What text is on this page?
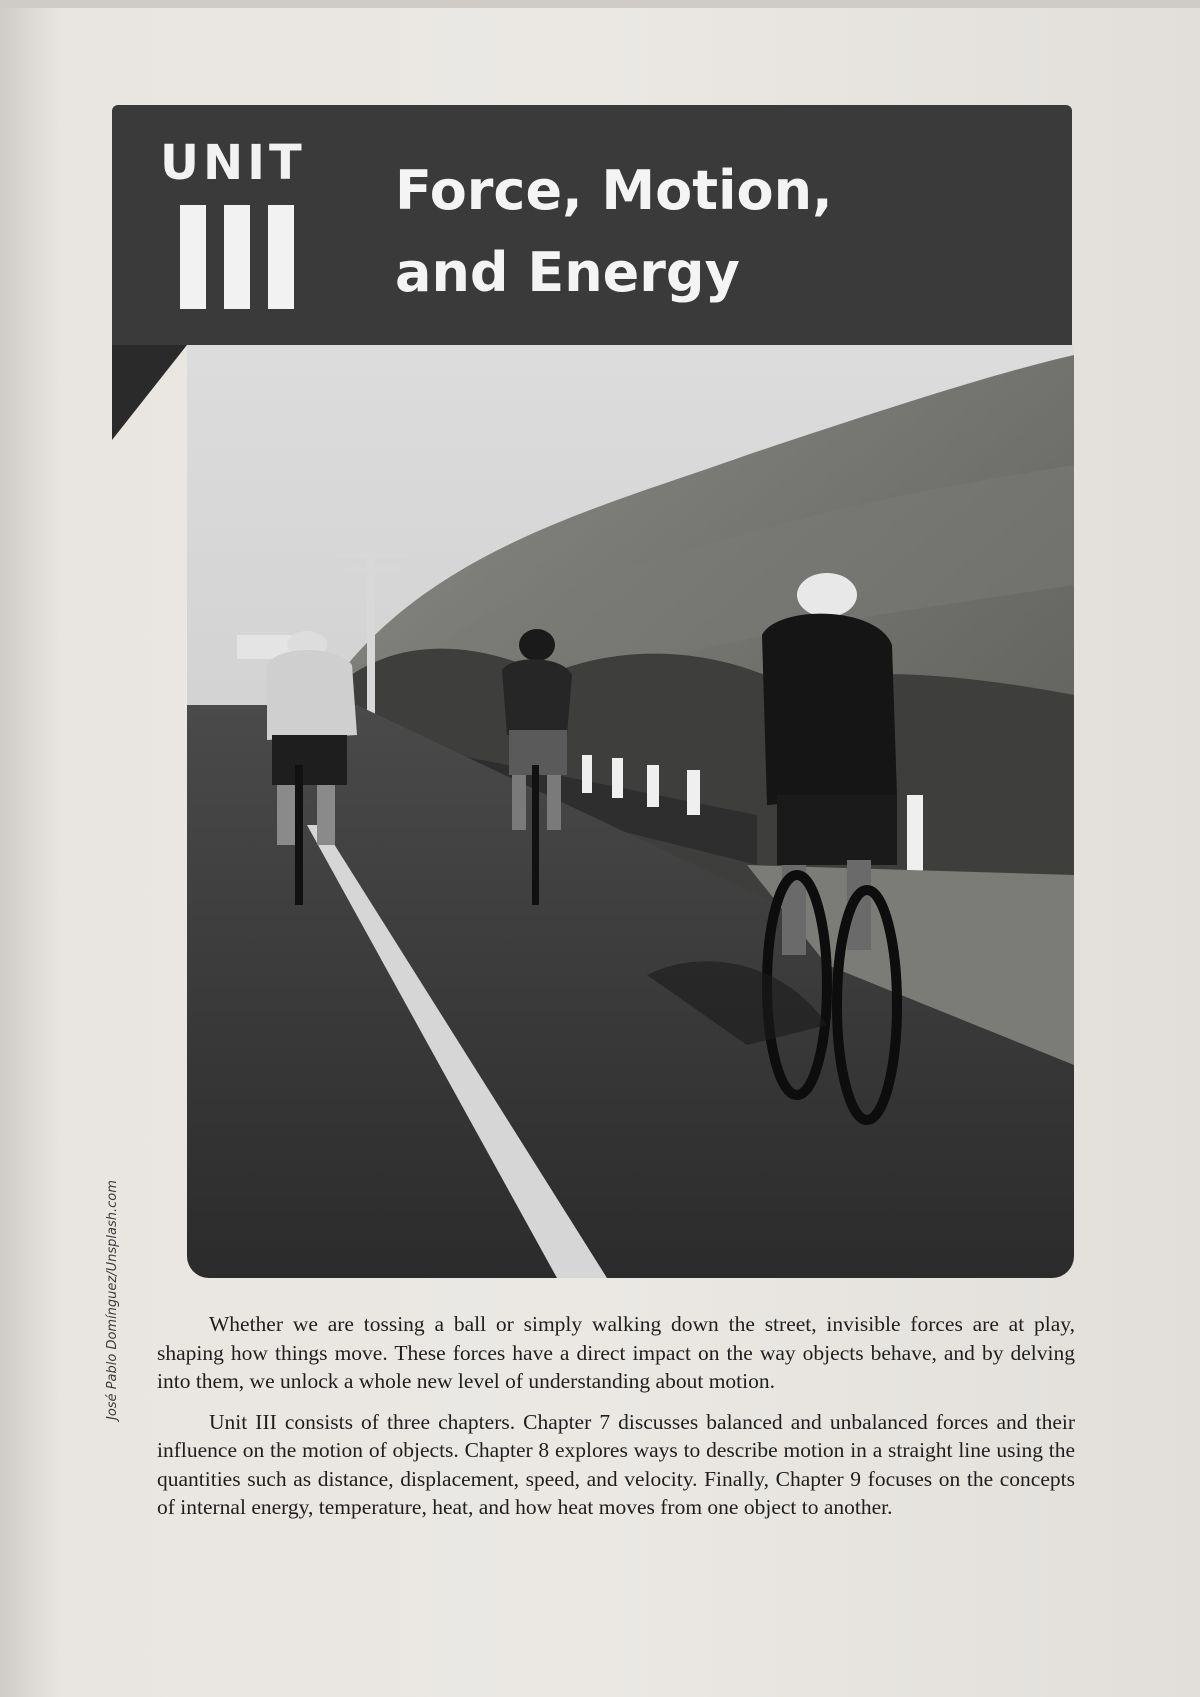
UNIT Force, Motion,
and Energy
José Pablo Domínguez/Unsplash.com	Whether we are tossing a ball or simply walking down the street, invisible forces are at play, shaping how things move. These forces have a direct impact on the way objects behave, and by delving into them, we unlock a whole new level of understanding about motion.

Unit III consists of three chapters. Chapter 7 discusses balanced and unbalanced forces and their influence on the motion of objects. Chapter 8 explores ways to describe motion in a straight line using the quantities such as distance, displacement, speed, and velocity. Finally, Chapter 9 focuses on the concepts of internal energy, temperature, heat, and how heat moves from one object to another.
